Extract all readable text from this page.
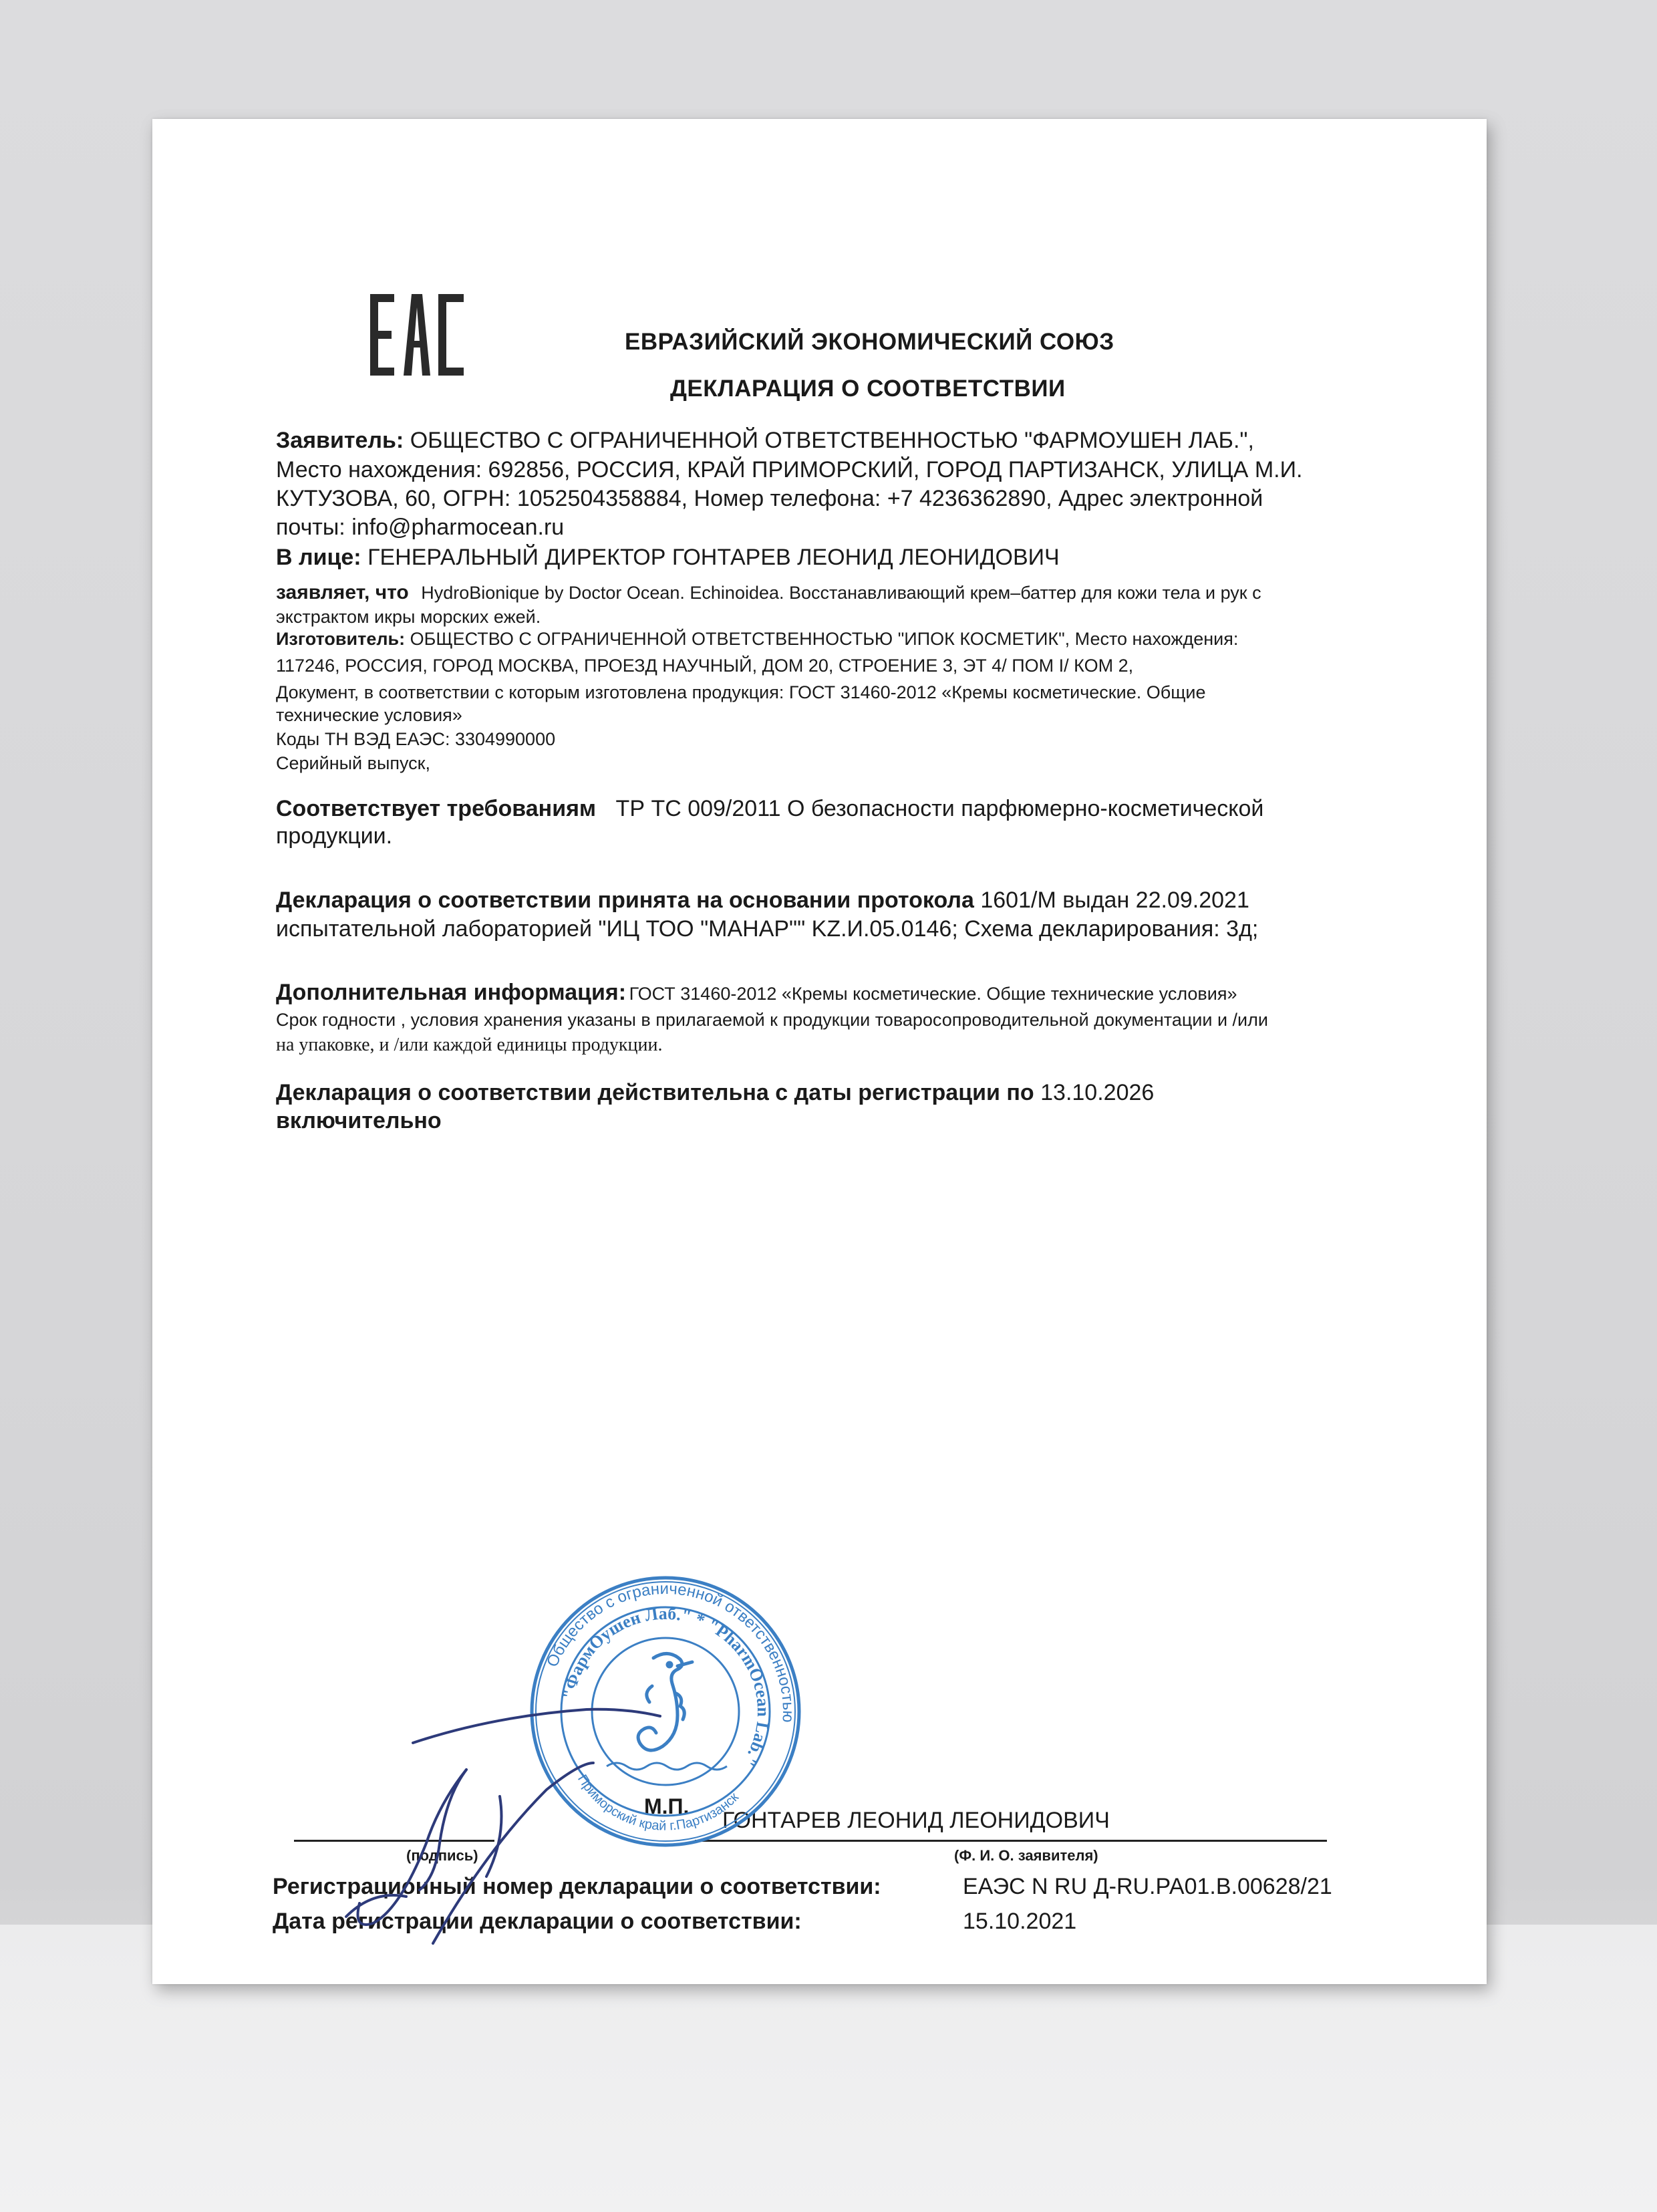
ЕВРАЗИЙСКИЙ ЭКОНОМИЧЕСКИЙ СОЮЗ
ДЕКЛАРАЦИЯ О СООТВЕТСТВИИ
Заявитель: ОБЩЕСТВО С ОГРАНИЧЕННОЙ ОТВЕТСТВЕННОСТЬЮ "ФАРМОУШЕН ЛАБ.",
Место нахождения: 692856, РОССИЯ, КРАЙ ПРИМОРСКИЙ, ГОРОД ПАРТИЗАНСК, УЛИЦА М.И.
КУТУЗОВА, 60, ОГРН: 1052504358884, Номер телефона: +7 4236362890, Адрес электронной
почты: info@pharmocean.ru
В лице: ГЕНЕРАЛЬНЫЙ ДИРЕКТОР ГОНТАРЕВ ЛЕОНИД ЛЕОНИДОВИЧ
заявляет, что HydroBionique by Doctor Ocean. Echinoidea. Восстанавливающий крем–баттер для кожи тела и рук с
экстрактом икры морских ежей.
Изготовитель: ОБЩЕСТВО С ОГРАНИЧЕННОЙ ОТВЕТСТВЕННОСТЬЮ "ИПОК КОСМЕТИК", Место нахождения:
117246, РОССИЯ, ГОРОД МОСКВА, ПРОЕЗД НАУЧНЫЙ, ДОМ 20, СТРОЕНИЕ 3, ЭТ 4/ ПОМ I/ КОМ 2,
Документ, в соответствии с которым изготовлена продукция: ГОСТ 31460-2012 «Кремы косметические. Общие
технические условия»
Коды ТН ВЭД ЕАЭС: 3304990000
Серийный выпуск,
Соответствует требованиям ТР ТС 009/2011 О безопасности парфюмерно-косметической
продукции.
Декларация о соответствии принята на основании протокола 1601/М выдан 22.09.2021
испытательной лабораторией "ИЦ ТОО "МАНАР"" KZ.И.05.0146; Схема декларирования: 3д;
Дополнительная информация: ГОСТ 31460-2012 «Кремы косметические. Общие технические условия»
Срок годности , условия хранения указаны в прилагаемой к продукции товаросопроводительной документации и /или
на упаковке, и /или каждой единицы продукции.
Декларация о соответствии действительна с даты регистрации по 13.10.2026
включительно
М.П.
ГОНТАРЕВ ЛЕОНИД ЛЕОНИДОВИЧ
(подпись)	(Ф. И. О. заявителя)
Регистрационный номер декларации о соответствии:	ЕАЭС N RU Д-RU.РА01.В.00628/21
Дата регистрации декларации о соответствии:	15.10.2021
Общество с ограниченной ответственностью
"ФармОушен Лаб." * "PharmOcean Lab."
Приморский край г.Партизанск
